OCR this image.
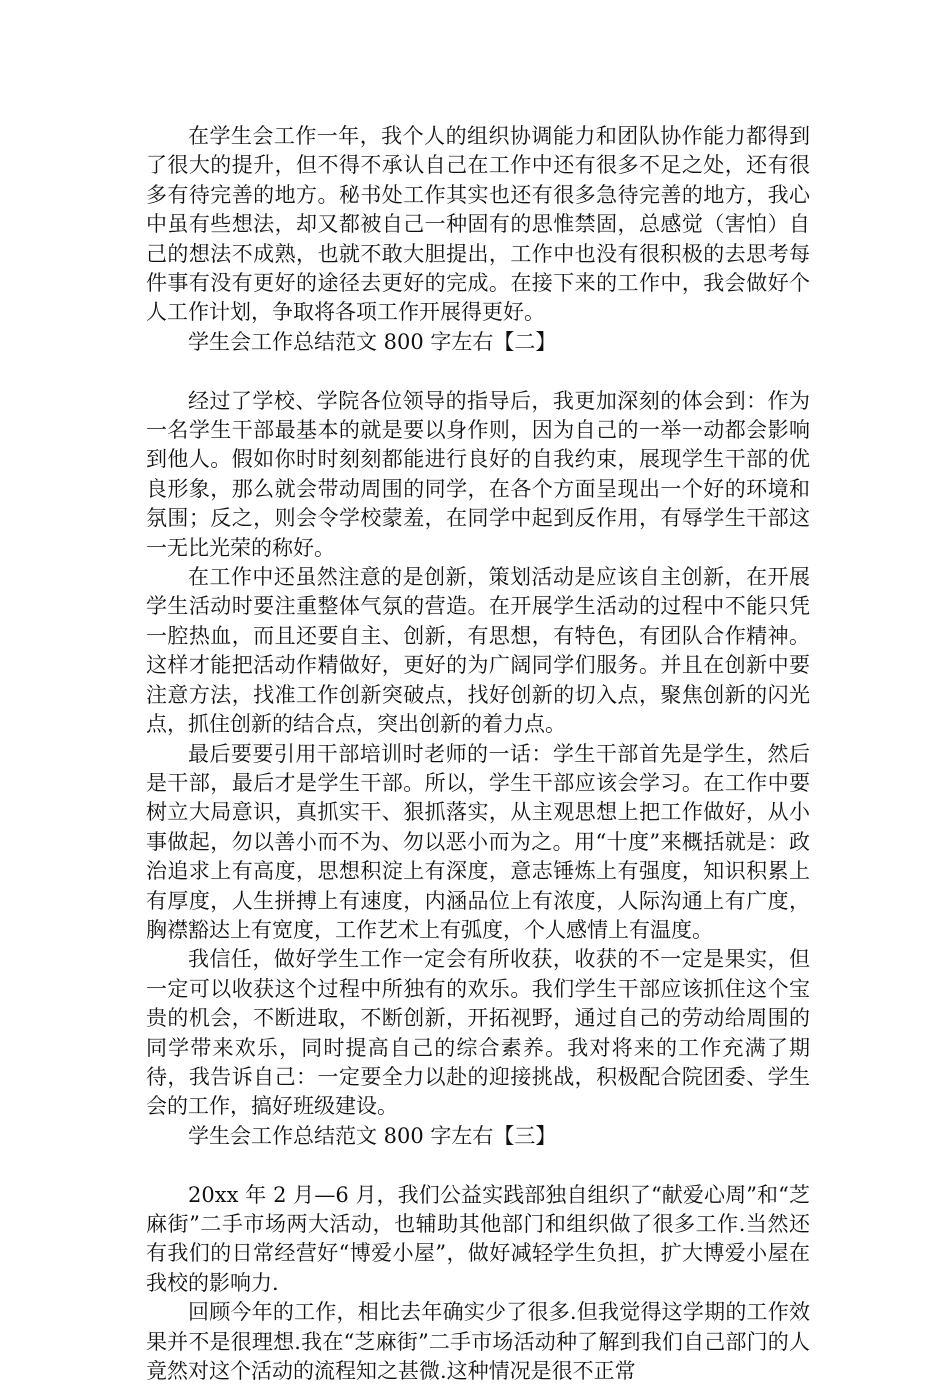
在学生会工作一年，我个人的组织协调能力和团队协作能力都得到了很大的提升，但不得不承认自己在工作中还有很多不足之处，还有很多有待完善的地方。秘书处工作其实也还有很多急待完善的地方，我心中虽有些想法，却又都被自己一种固有的思惟禁固，总感觉（害怕）自己的想法不成熟，也就不敢大胆提出，工作中也没有很积极的去思考每件事有没有更好的途径去更好的完成。在接下来的工作中，我会做好个人工作计划，争取将各项工作开展得更好。

学生会工作总结范文 800 字左右【二】

经过了学校、学院各位领导的指导后，我更加深刻的体会到：作为一名学生干部最基本的就是要以身作则，因为自己的一举一动都会影响到他人。假如你时时刻刻都能进行良好的自我约束，展现学生干部的优良形象，那么就会带动周围的同学，在各个方面呈现出一个好的环境和氛围；反之，则会令学校蒙羞，在同学中起到反作用，有辱学生干部这一无比光荣的称好。

在工作中还虽然注意的是创新，策划活动是应该自主创新，在开展学生活动时要注重整体气氛的营造。在开展学生活动的过程中不能只凭一腔热血，而且还要自主、创新，有思想，有特色，有团队合作精神。这样才能把活动作精做好，更好的为广阔同学们服务。并且在创新中要注意方法，找准工作创新突破点，找好创新的切入点，聚焦创新的闪光点，抓住创新的结合点，突出创新的着力点。

最后要要引用干部培训时老师的一话：学生干部首先是学生，然后是干部，最后才是学生干部。所以，学生干部应该会学习。在工作中要树立大局意识，真抓实干、狠抓落实，从主观思想上把工作做好，从小事做起，勿以善小而不为、勿以恶小而为之。用“十度”来概括就是：政治追求上有高度，思想积淀上有深度，意志锤炼上有强度，知识积累上有厚度，人生拼搏上有速度，内涵品位上有浓度，人际沟通上有广度，胸襟豁达上有宽度，工作艺术上有弧度，个人感情上有温度。

我信任，做好学生工作一定会有所收获，收获的不一定是果实，但一定可以收获这个过程中所独有的欢乐。我们学生干部应该抓住这个宝贵的机会，不断进取，不断创新，开拓视野，通过自己的劳动给周围的同学带来欢乐，同时提高自己的综合素养。我对将来的工作充满了期待，我告诉自己：一定要全力以赴的迎接挑战，积极配合院团委、学生会的工作，搞好班级建设。

学生会工作总结范文 800 字左右【三】

20xx 年 2 月—6 月，我们公益实践部独自组织了“献爱心周”和“芝麻街”二手市场两大活动，也辅助其他部门和组织做了很多工作.当然还有我们的日常经营好“博爱小屋”，做好减轻学生负担，扩大博爱小屋在我校的影响力.

回顾今年的工作，相比去年确实少了很多.但我觉得这学期的工作效果并不是很理想.我在“芝麻街”二手市场活动种了解到我们自己部门的人竟然对这个活动的流程知之甚微.这种情况是很不正常
